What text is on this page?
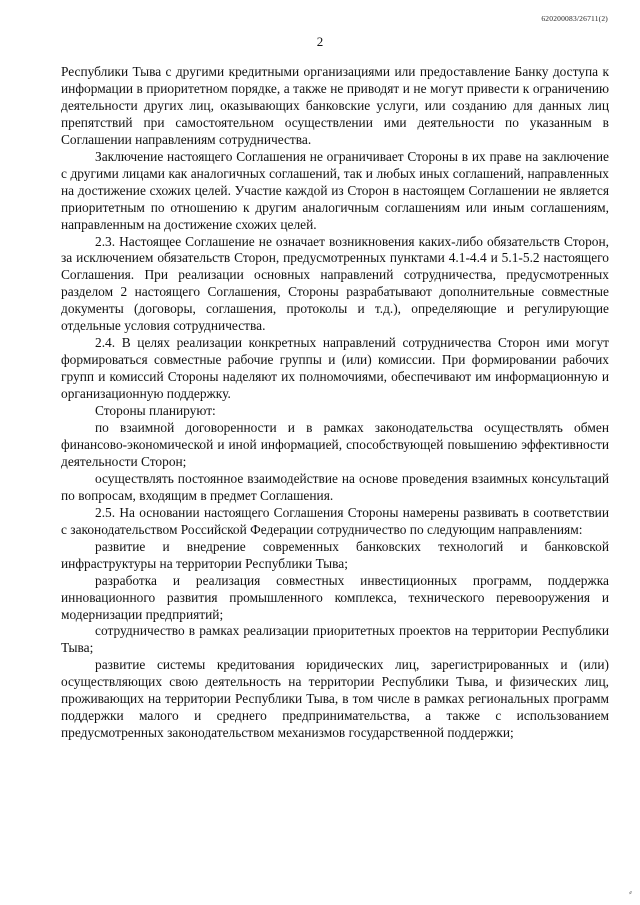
620200083/26711(2)
2

Республики Тыва с другими кредитными организациями или предоставление Банку доступа к информации в приоритетном порядке, а также не приводят и не могут привести к ограничению деятельности других лиц, оказывающих банковские услуги, или созданию для данных лиц препятствий при самостоятельном осуществлении ими деятельности по указанным в Соглашении направлениям сотрудничества.

Заключение настоящего Соглашения не ограничивает Стороны в их праве на заключение с другими лицами как аналогичных соглашений, так и любых иных соглашений, направленных на достижение схожих целей. Участие каждой из Сторон в настоящем Соглашении не является приоритетным по отношению к другим аналогичным соглашениям или иным соглашениям, направленным на достижение схожих целей.

2.3. Настоящее Соглашение не означает возникновения каких-либо обязательств Сторон, за исключением обязательств Сторон, предусмотренных пунктами 4.1-4.4 и 5.1-5.2 настоящего Соглашения. При реализации основных направлений сотрудничества, предусмотренных разделом 2 настоящего Соглашения, Стороны разрабатывают дополнительные совместные документы (договоры, соглашения, протоколы и т.д.), определяющие и регулирующие отдельные условия сотрудничества.

2.4. В целях реализации конкретных направлений сотрудничества Сторон ими могут формироваться совместные рабочие группы и (или) комиссии. При формировании рабочих групп и комиссий Стороны наделяют их полномочиями, обеспечивают им информационную и организационную поддержку.

Стороны планируют:

по взаимной договоренности и в рамках законодательства осуществлять обмен финансово-экономической и иной информацией, способствующей повышению эффективности деятельности Сторон;

осуществлять постоянное взаимодействие на основе проведения взаимных консультаций по вопросам, входящим в предмет Соглашения.

2.5. На основании настоящего Соглашения Стороны намерены развивать в соответствии с законодательством Российской Федерации сотрудничество по следующим направлениям:

развитие и внедрение современных банковских технологий и банковской инфраструктуры на территории Республики Тыва;

разработка и реализация совместных инвестиционных программ, поддержка инновационного развития промышленного комплекса, технического перевооружения и модернизации предприятий;

сотрудничество в рамках реализации приоритетных проектов на территории Республики Тыва;

развитие системы кредитования юридических лиц, зарегистрированных и (или) осуществляющих свою деятельность на территории Республики Тыва, и физических лиц, проживающих на территории Республики Тыва, в том числе в рамках региональных программ поддержки малого и среднего предпринимательства, а также с использованием предусмотренных законодательством механизмов государственной поддержки;

⸗
